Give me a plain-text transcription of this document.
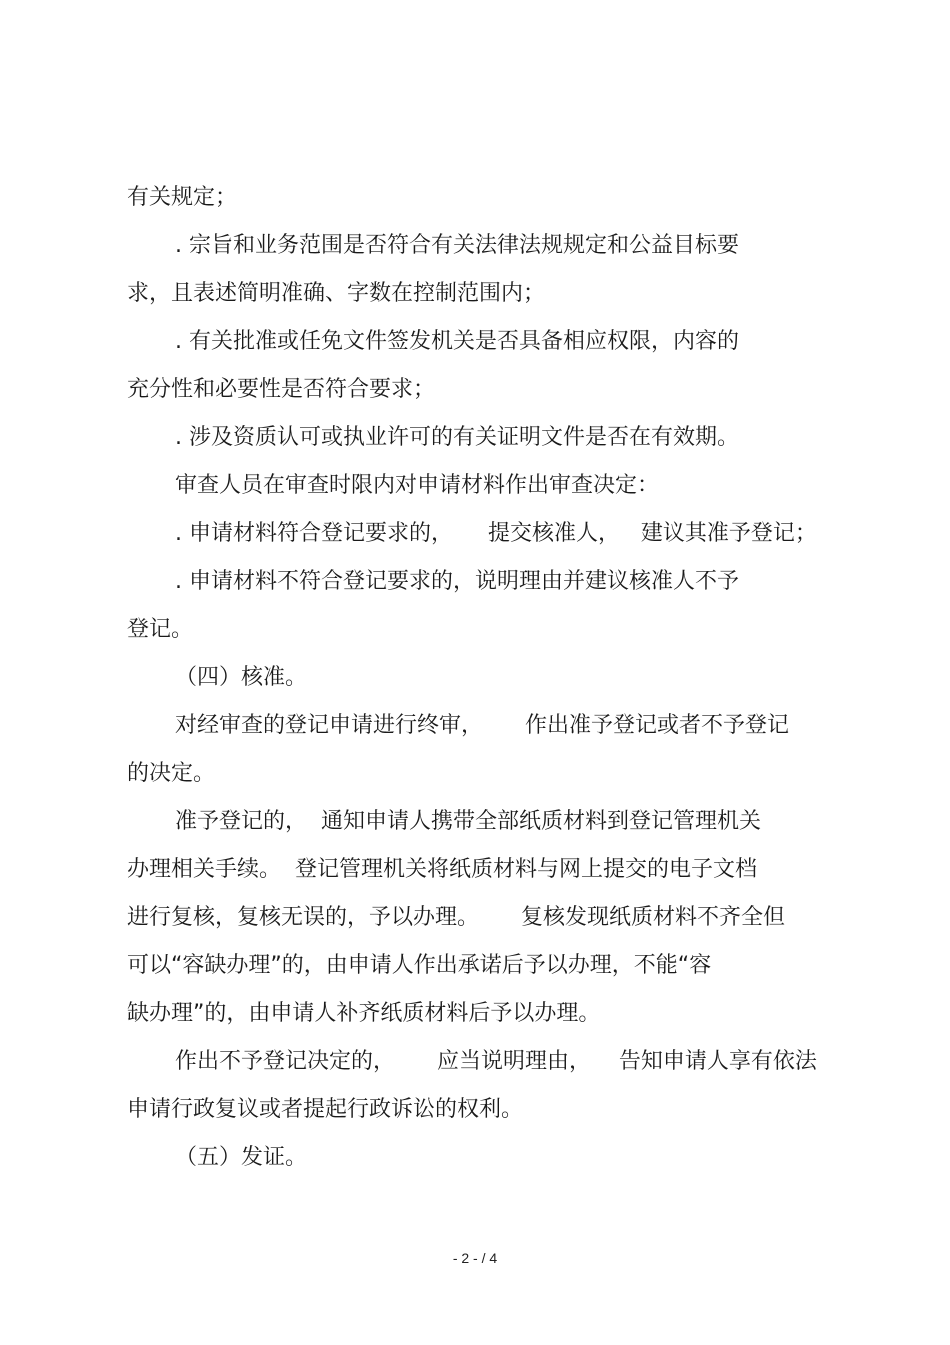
有关规定；

. 宗旨和业务范围是否符合有关法律法规规定和公益目标要

求，且表述简明准确、字数在控制范围内；

. 有关批准或任免文件签发机关是否具备相应权限，内容的

充分性和必要性是否符合要求；

. 涉及资质认可或执业许可的有关证明文件是否在有效期。

审查人员在审查时限内对申请材料作出审查决定：

. 申请材料符合登记要求的，     提交核准人，   建议其准予登记；

. 申请材料不符合登记要求的，说明理由并建议核准人不予

登记。

（四）核准。

对经审查的登记申请进行终审，      作出准予登记或者不予登记

的决定。

准予登记的，  通知申请人携带全部纸质材料到登记管理机关

办理相关手续。  登记管理机关将纸质材料与网上提交的电子文档

进行复核，复核无误的，予以办理。      复核发现纸质材料不齐全但

可以“容缺办理”的，由申请人作出承诺后予以办理，不能“容

缺办理”的，由申请人补齐纸质材料后予以办理。

作出不予登记决定的，      应当说明理由，    告知申请人享有依法

申请行政复议或者提起行政诉讼的权利。

（五）发证。

- 2 - / 4
